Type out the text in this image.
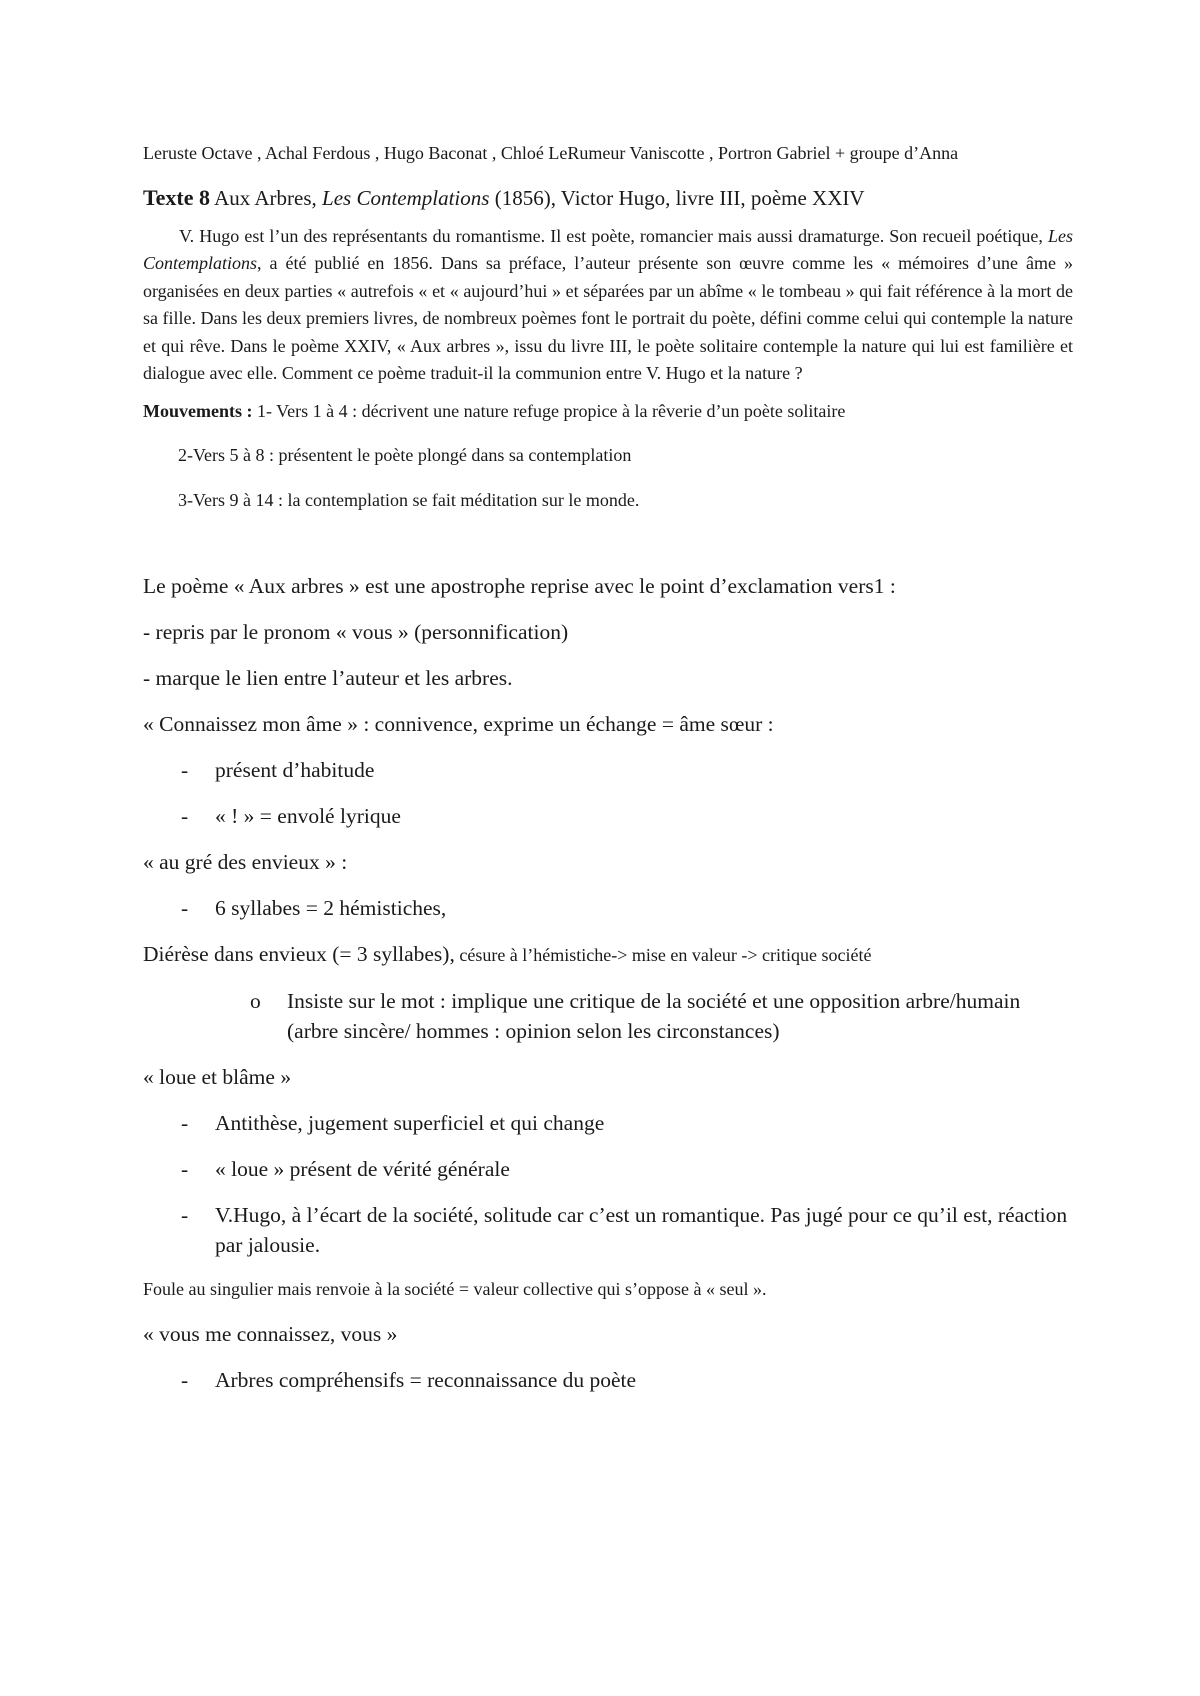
Leruste Octave , Achal Ferdous , Hugo Baconat , Chloé LeRumeur Vaniscotte , Portron Gabriel + groupe d’Anna

Texte 8 Aux Arbres, Les Contemplations (1856), Victor Hugo, livre III, poème XXIV

V. Hugo est l’un des représentants du romantisme. Il est poète, romancier mais aussi dramaturge. Son recueil poétique, Les Contemplations, a été publié en 1856. Dans sa préface, l’auteur présente son œuvre comme les « mémoires d’une âme » organisées en deux parties « autrefois « et « aujourd’hui » et séparées par un abîme « le tombeau » qui fait référence à la mort de sa fille. Dans les deux premiers livres, de nombreux poèmes font le portrait du poète, défini comme celui qui contemple la nature et qui rêve. Dans le poème XXIV, « Aux arbres », issu du livre III, le poète solitaire contemple la nature qui lui est familière et dialogue avec elle. Comment ce poème traduit-il la communion entre V. Hugo et la nature ?

Mouvements : 1- Vers 1 à 4 : décrivent une nature refuge propice à la rêverie d’un poète solitaire

2-Vers 5 à 8 : présentent le poète plongé dans sa contemplation

3-Vers 9 à 14 : la contemplation se fait méditation sur le monde.

Le poème « Aux arbres » est une apostrophe reprise avec le point d’exclamation vers1 :

- repris par le pronom « vous » (personnification)

- marque le lien entre l’auteur et les arbres.

« Connaissez mon âme » : connivence, exprime un échange = âme sœur :

-	présent d’habitude
-	« ! » = envolé lyrique

« au gré des envieux » :

-	6 syllabes = 2 hémistiches,

Diérèse dans envieux (= 3 syllabes), césure à l’hémistiche-> mise en valeur -> critique société

o	Insiste sur le mot : implique une critique de la société et une opposition arbre/humain (arbre sincère/ hommes : opinion selon les circonstances)

« loue et blâme »

-	Antithèse, jugement superficiel et qui change
-	« loue » présent de vérité générale
-	V.Hugo, à l’écart de la société, solitude car c’est un romantique. Pas jugé pour ce qu’il est, réaction par jalousie.

Foule au singulier mais renvoie à la société = valeur collective qui s’oppose à « seul ».

« vous me connaissez, vous »

-	Arbres compréhensifs = reconnaissance du poète
